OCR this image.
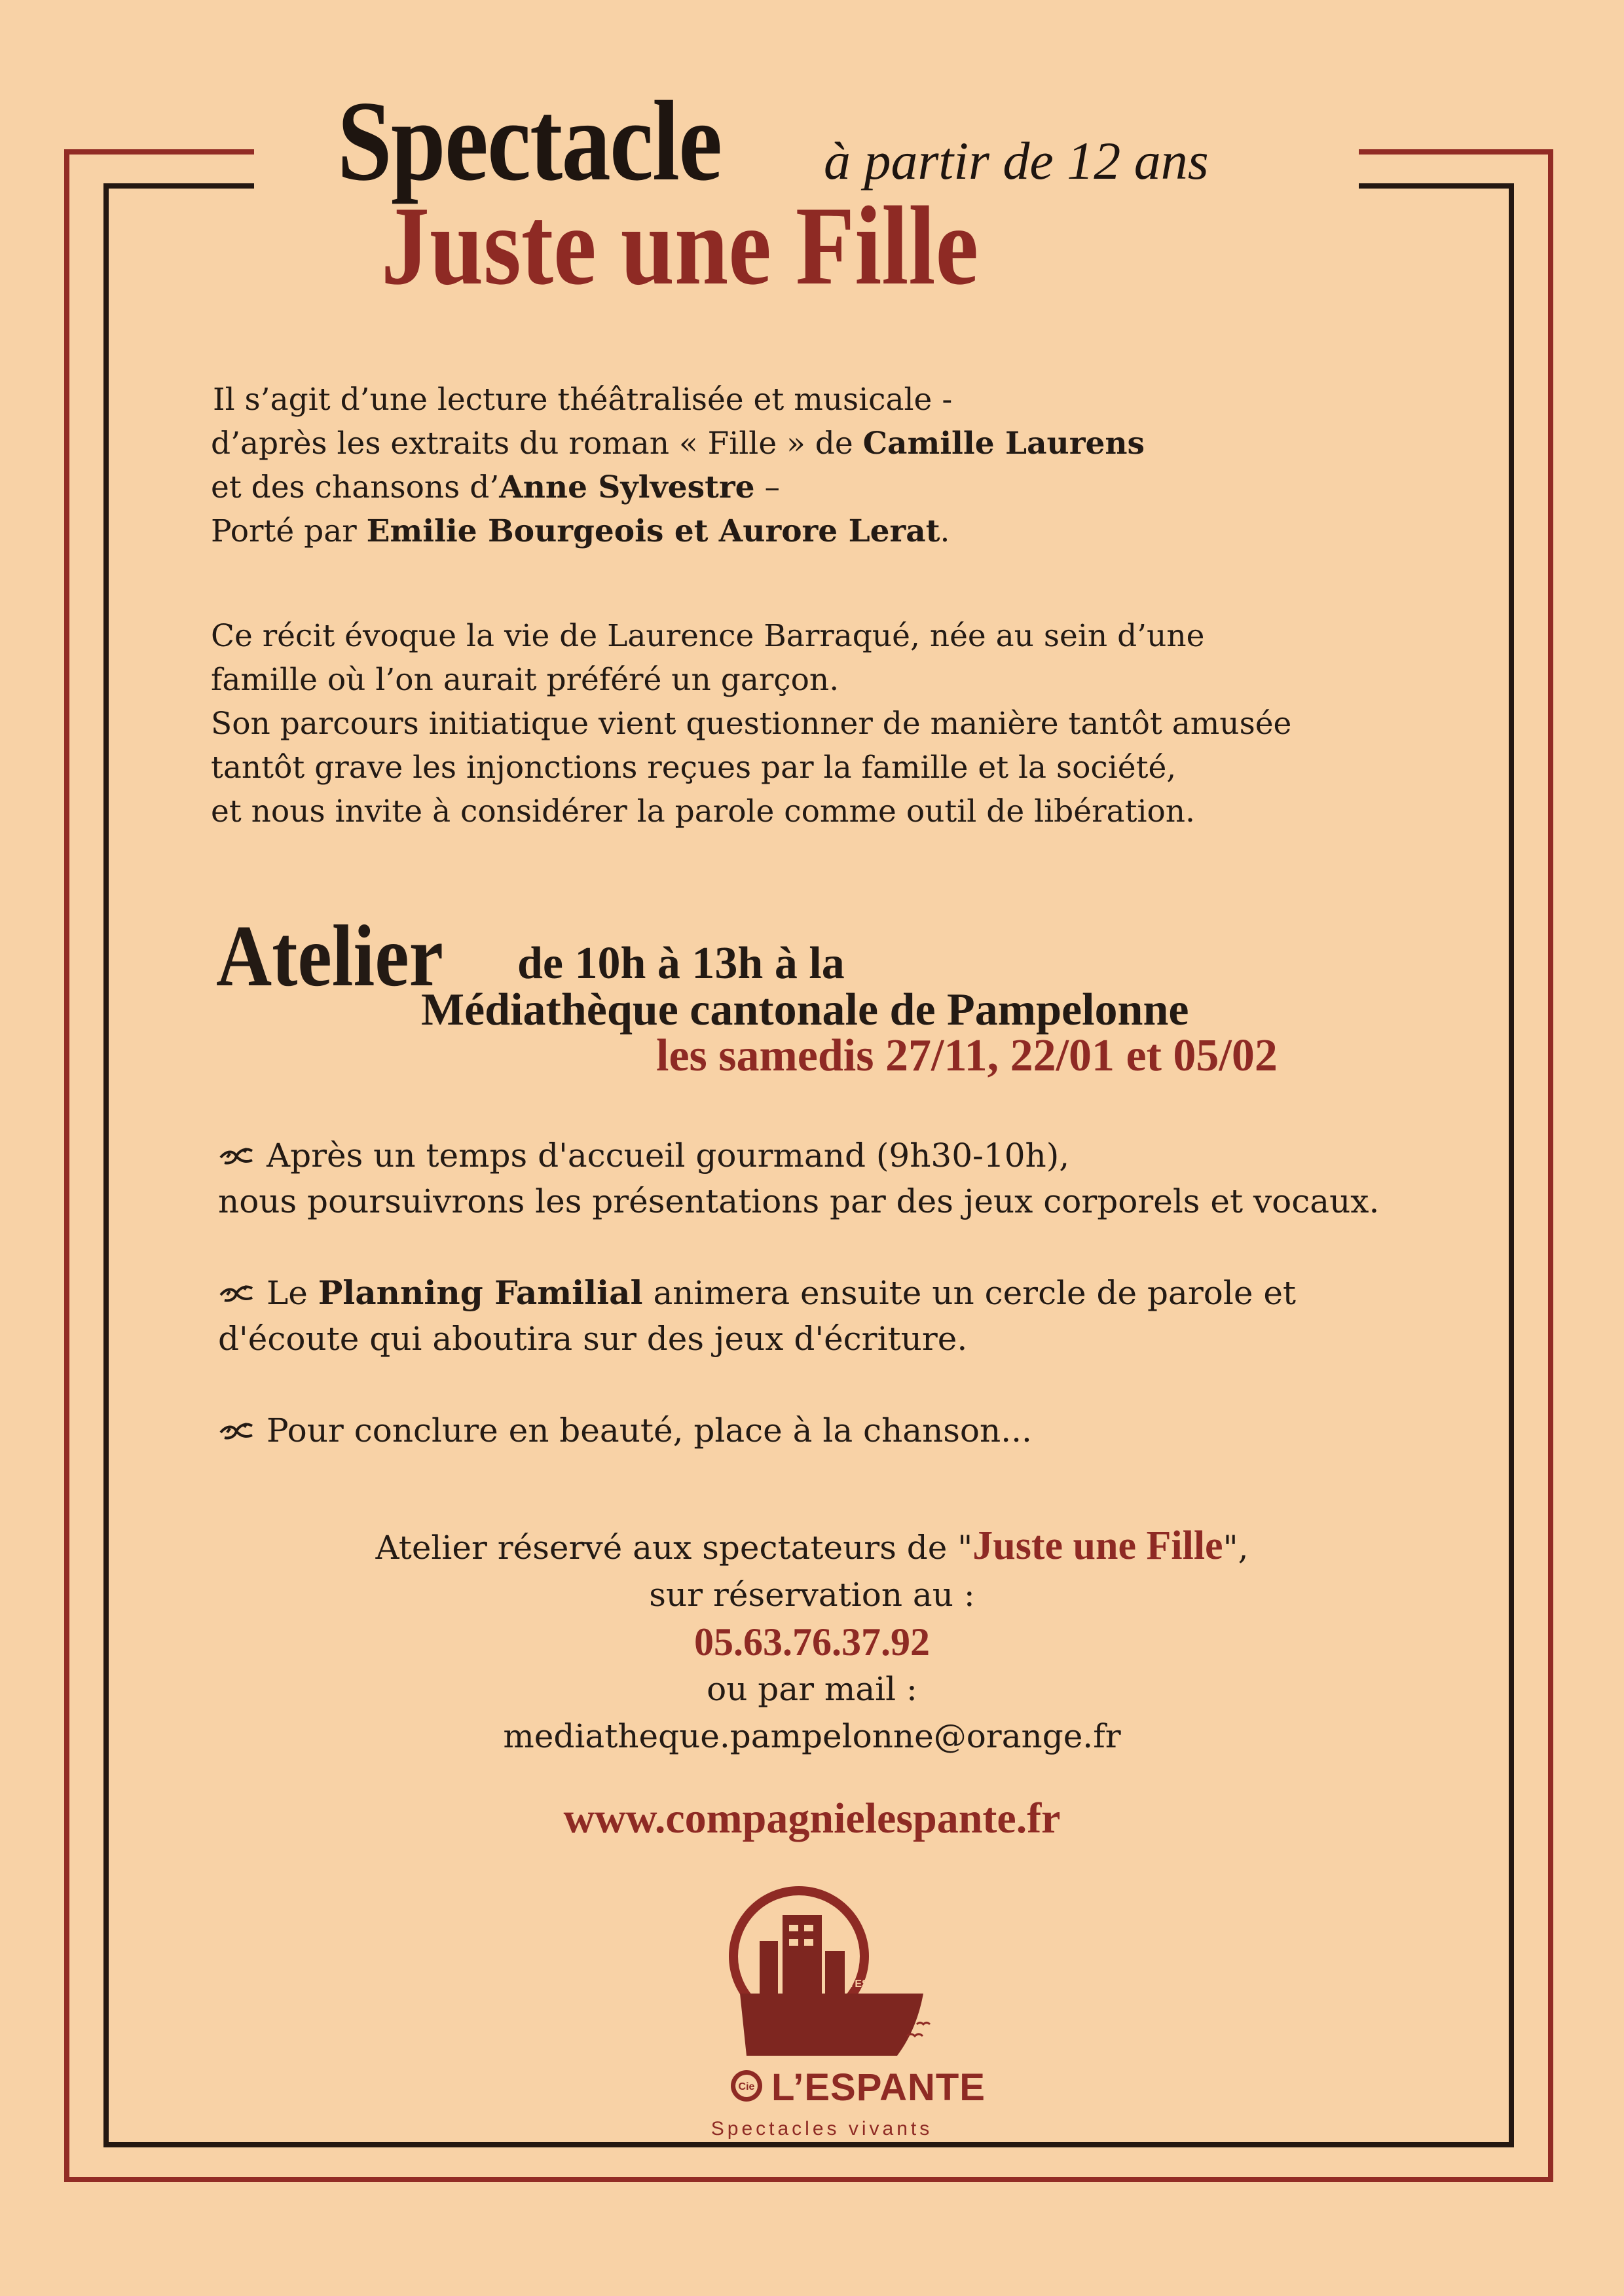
Spectacle à partir de 12 ans
Juste une Fille

Il s’agit d’une lecture théâtralisée et musicale -

d’après les extraits du roman « Fille » de Camille Laurens

et des chansons d’Anne Sylvestre –

Porté par Emilie Bourgeois et Aurore Lerat.

Ce récit évoque la vie de Laurence Barraqué, née au sein d’une

famille où l’on aurait préféré un garçon.

Son parcours initiatique vient questionner de manière tantôt amusée

tantôt grave les injonctions reçues par la famille et la société,

et nous invite à considérer la parole comme outil de libération.

Atelier de 10h à 13h à la
Médiathèque cantonale de Pampelonne
les samedis 27/11, 22/01 et 05/02

Après un temps d'accueil gourmand (9h30-10h),

nous poursuivrons les présentations par des jeux corporels et vocaux.

Le Planning Familial animera ensuite un cercle de parole et

d'écoute qui aboutira sur des jeux d'écriture.

Pour conclure en beauté, place à la chanson...

Atelier réservé aux spectateurs de "Juste une Fille",

sur réservation au :

05.63.76.37.92

ou par mail :

mediatheque.pampelonne@orange.fr

www.compagnielespante.fr
L’ESPANTE
Cie L’ESPANTE
Spectacles vivants
